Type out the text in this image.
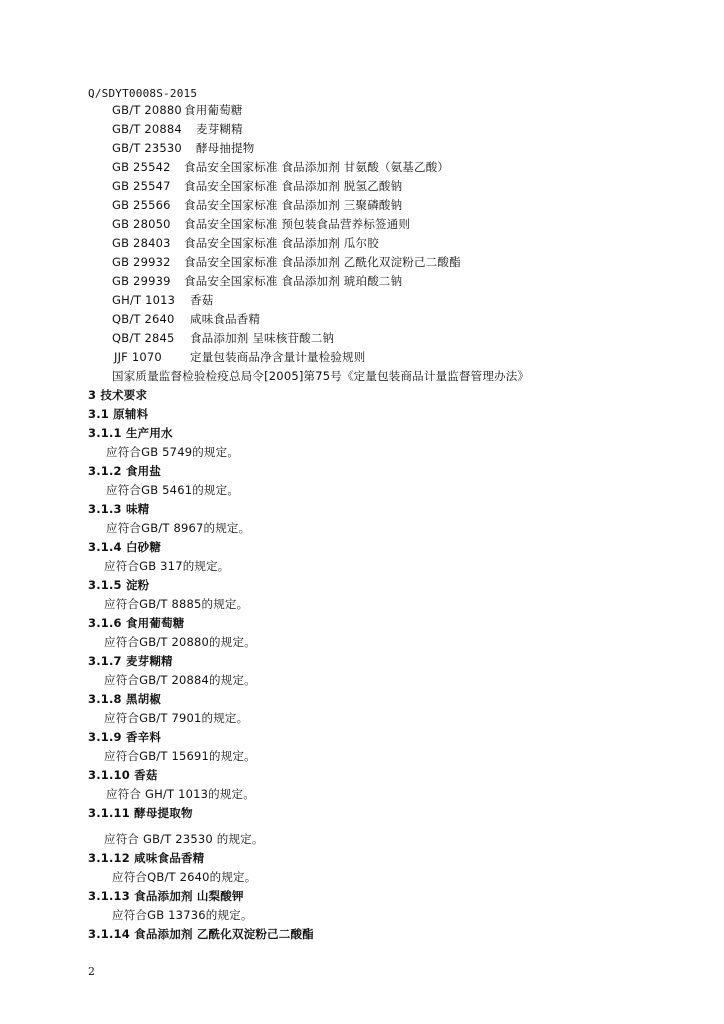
Q/SDYT0008S-2015
GB/T 20880 食用葡萄糖
GB/T 20884 麦芽糊精
GB/T 23530 酵母抽提物
GB 25542 食品安全国家标准 食品添加剂 甘氨酸（氨基乙酸）
GB 25547 食品安全国家标准 食品添加剂 脱氢乙酸钠
GB 25566 食品安全国家标准 食品添加剂 三聚磷酸钠
GB 28050 食品安全国家标准 预包装食品营养标签通则
GB 28403 食品安全国家标准 食品添加剂 瓜尔胶
GB 29932 食品安全国家标准 食品添加剂 乙酰化双淀粉己二酸酯
GB 29939 食品安全国家标准 食品添加剂 琥珀酸二钠
GH/T 1013 香菇
QB/T 2640 咸味食品香精
QB/T 2845 食品添加剂 呈味核苷酸二钠
JJF 1070 定量包装商品净含量计量检验规则
国家质量监督检验检疫总局令[2005]第75号《定量包装商品计量监督管理办法》
3 技术要求
3.1 原辅料
3.1.1 生产用水
应符合GB 5749的规定。
3.1.2 食用盐
应符合GB 5461的规定。
3.1.3 味精
应符合GB/T 8967的规定。
3.1.4 白砂糖
应符合GB 317的规定。
3.1.5 淀粉
应符合GB/T 8885的规定。
3.1.6 食用葡萄糖
应符合GB/T 20880的规定。
3.1.7 麦芽糊精
应符合GB/T 20884的规定。
3.1.8 黑胡椒
应符合GB/T 7901的规定。
3.1.9 香辛料
应符合GB/T 15691的规定。
3.1.10 香菇
应符合 GH/T 1013的规定。
3.1.11 酵母提取物
应符合 GB/T 23530 的规定。
3.1.12 咸味食品香精
应符合QB/T 2640的规定。
3.1.13 食品添加剂 山梨酸钾
应符合GB 13736的规定。
3.1.14 食品添加剂 乙酰化双淀粉己二酸酯
2
